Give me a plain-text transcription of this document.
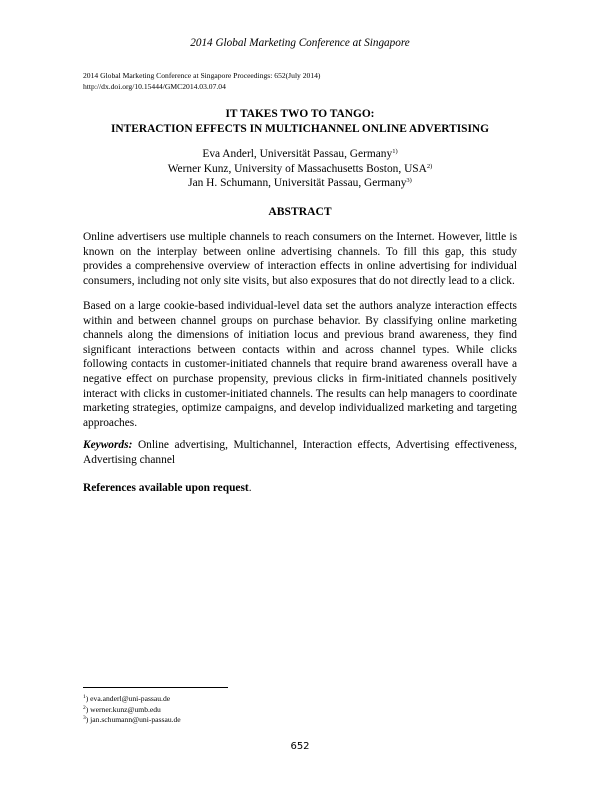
2014 Global Marketing Conference at Singapore
2014 Global Marketing Conference at Singapore Proceedings: 652(July 2014)
http://dx.doi.org/10.15444/GMC2014.03.07.04
IT TAKES TWO TO TANGO:
INTERACTION EFFECTS IN MULTICHANNEL ONLINE ADVERTISING
Eva Anderl, Universität Passau, Germany$^{1)}$
Werner Kunz, University of Massachusetts Boston, USA$^{2)}$
Jan H. Schumann, Universität Passau, Germany$^{3)}$
ABSTRACT
Online advertisers use multiple channels to reach consumers on the Internet. However, little is known on the interplay between online advertising channels. To fill this gap, this study provides a comprehensive overview of interaction effects in online advertising for individual consumers, including not only site visits, but also exposures that do not directly lead to a click.
Based on a large cookie-based individual-level data set the authors analyze interaction effects within and between channel groups on purchase behavior. By classifying online marketing channels along the dimensions of initiation locus and previous brand awareness, they find significant interactions between contacts within and across channel types. While clicks following contacts in customer-initiated channels that require brand awareness overall have a negative effect on purchase propensity, previous clicks in firm-initiated channels positively interact with clicks in customer-initiated channels. The results can help managers to coordinate marketing strategies, optimize campaigns, and develop individualized marketing and targeting approaches.
Keywords: Online advertising, Multichannel, Interaction effects, Advertising effectiveness, Advertising channel
References available upon request.
$^1$) eva.anderl@uni-passau.de
$^2$) werner.kunz@umb.edu
$^3$) jan.schumann@uni-passau.de
652
